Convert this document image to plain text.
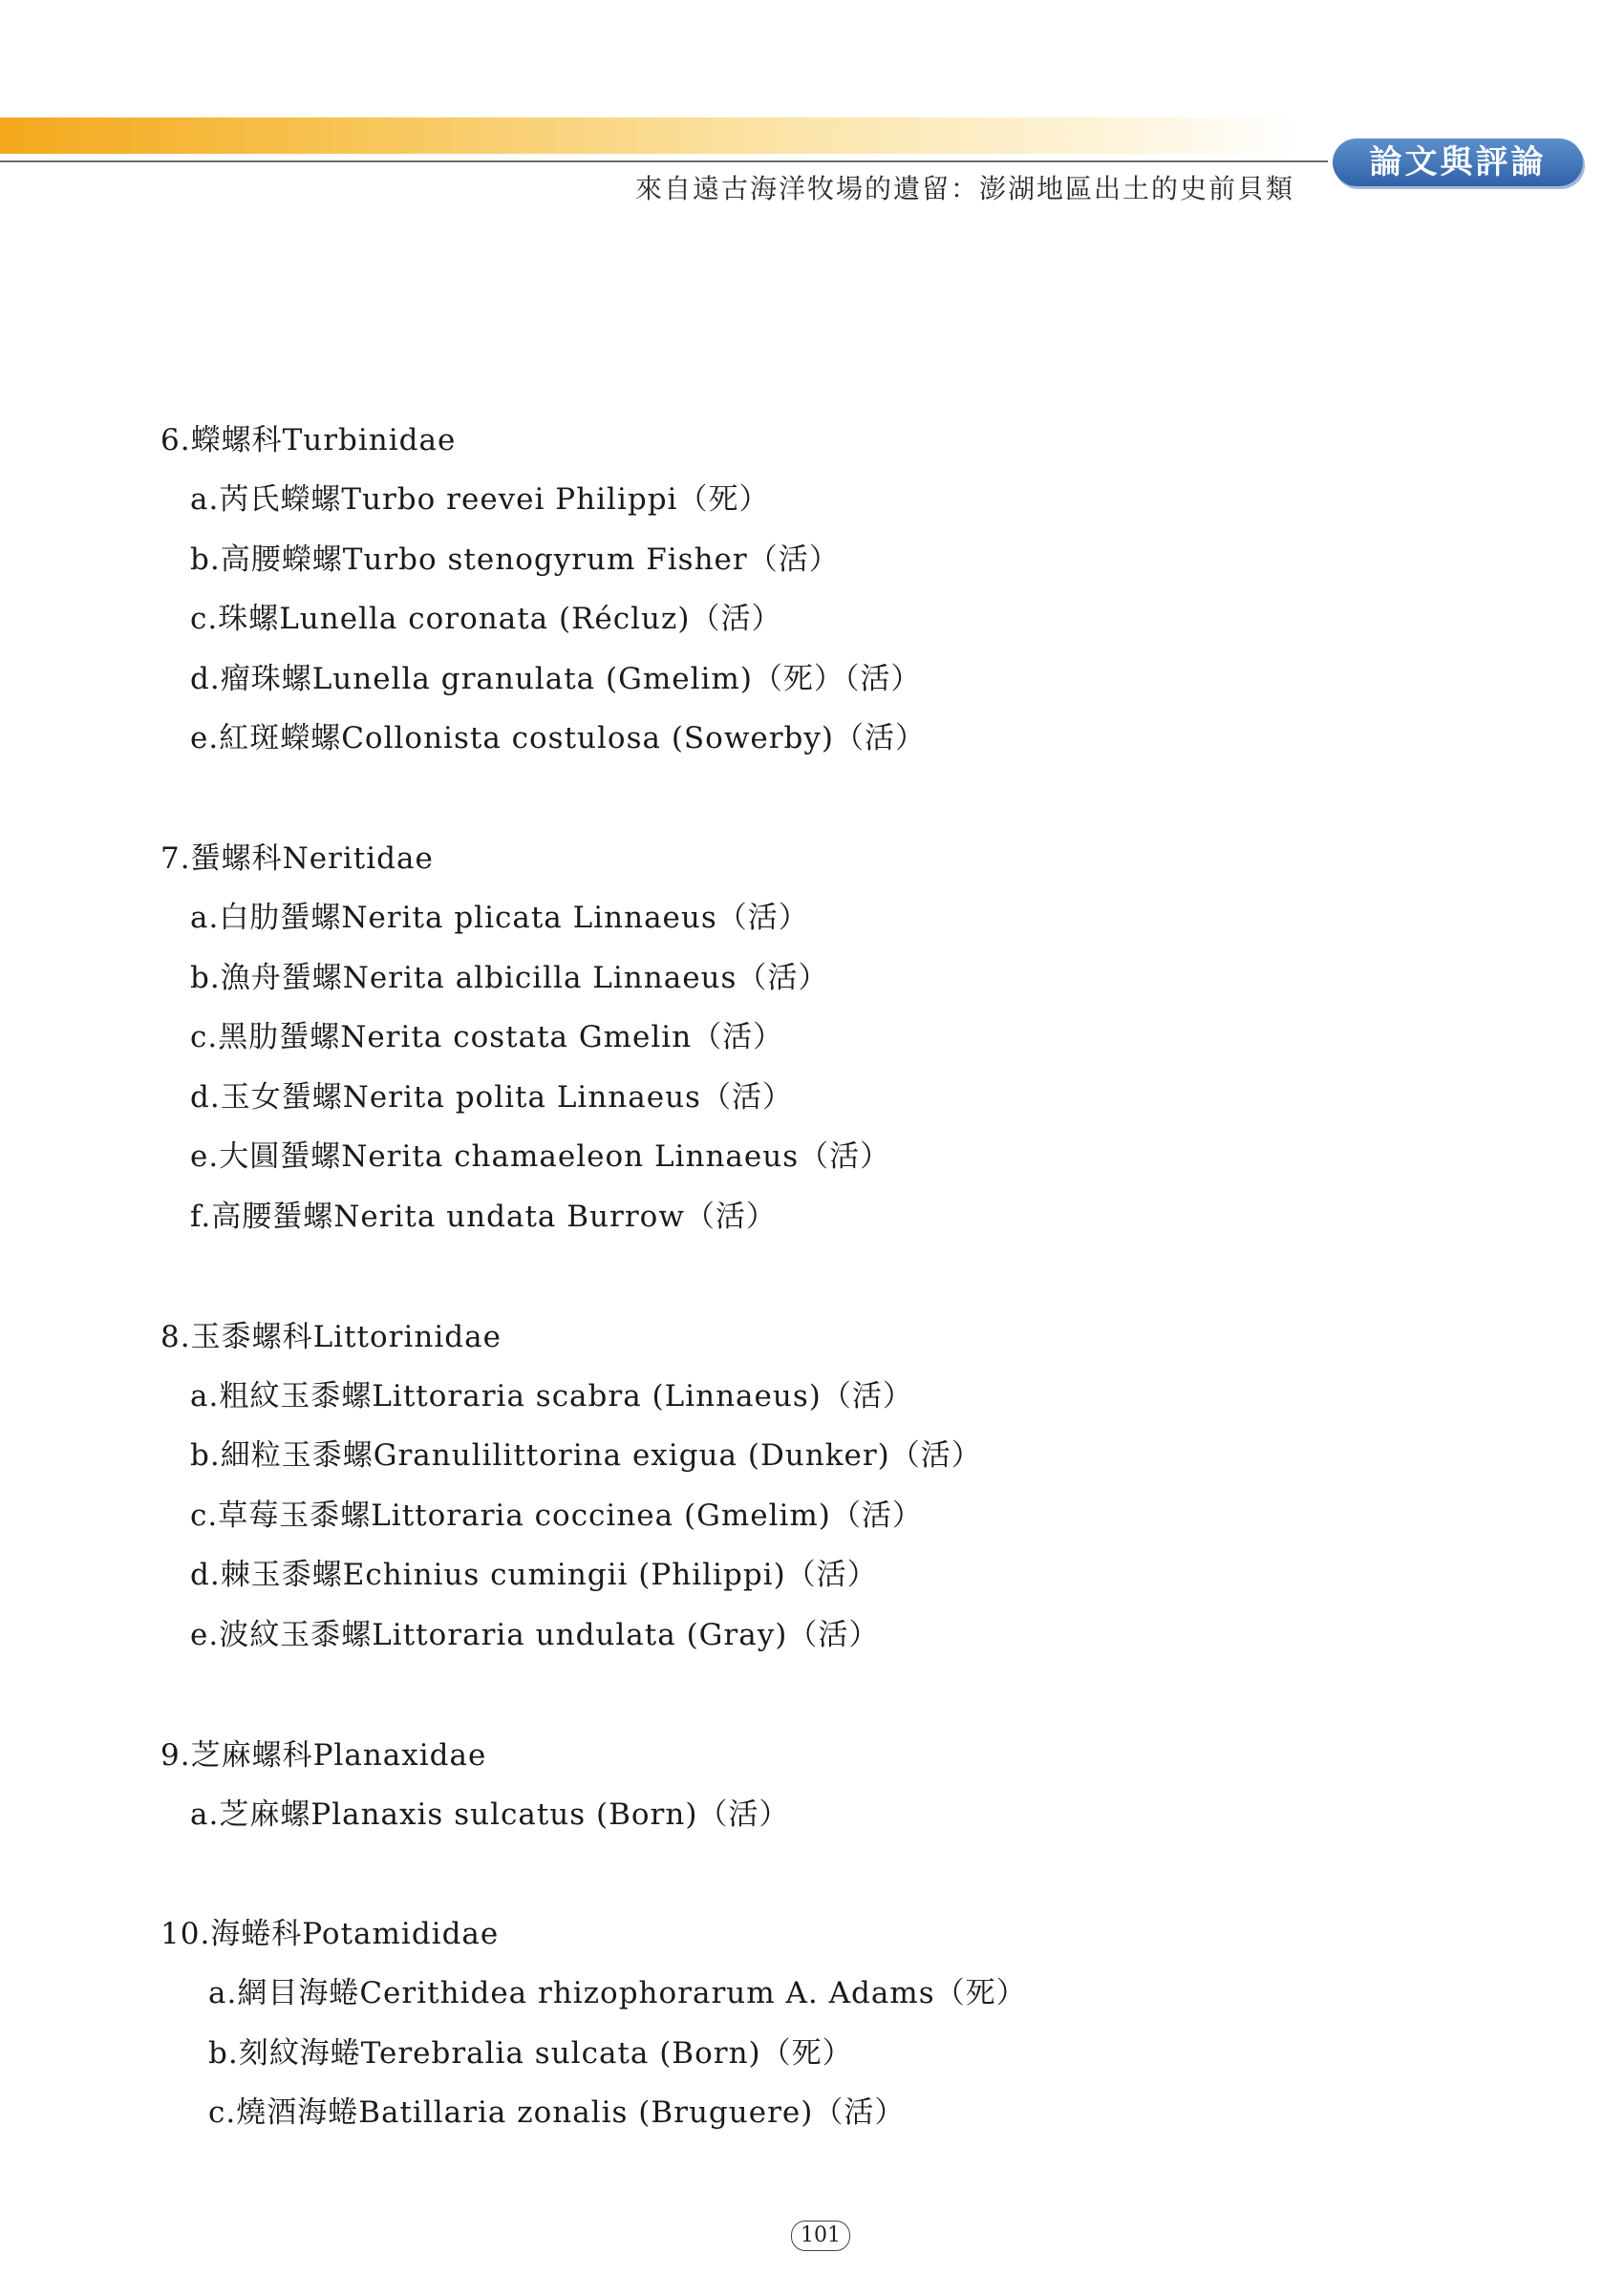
來自遠古海洋牧場的遺留：澎湖地區出土的史前貝類
論文與評論
6.蠑螺科Turbinidae
a.芮氏蠑螺Turbo reevei Philippi（死）
b.高腰蠑螺Turbo stenogyrum Fisher（活）
c.珠螺Lunella coronata (Récluz)（活）
d.瘤珠螺Lunella granulata (Gmelim)（死）（活）
e.紅斑蠑螺Collonista costulosa (Sowerby)（活）
7.蜑螺科Neritidae
a.白肋蜑螺Nerita plicata Linnaeus（活）
b.漁舟蜑螺Nerita albicilla Linnaeus（活）
c.黑肋蜑螺Nerita costata Gmelin（活）
d.玉女蜑螺Nerita polita Linnaeus（活）
e.大圓蜑螺Nerita chamaeleon Linnaeus（活）
f.高腰蜑螺Nerita undata Burrow（活）
8.玉黍螺科Littorinidae
a.粗紋玉黍螺Littoraria scabra (Linnaeus)（活）
b.細粒玉黍螺Granulilittorina exigua (Dunker)（活）
c.草莓玉黍螺Littoraria coccinea (Gmelim)（活）
d.棘玉黍螺Echinius cumingii (Philippi)（活）
e.波紋玉黍螺Littoraria undulata (Gray)（活）
9.芝麻螺科Planaxidae
a.芝麻螺Planaxis sulcatus (Born)（活）
10.海蜷科Potamididae
a.網目海蜷Cerithidea rhizophorarum A. Adams（死）
b.刻紋海蜷Terebralia sulcata (Born)（死）
c.燒酒海蜷Batillaria zonalis (Bruguere)（活）
101
